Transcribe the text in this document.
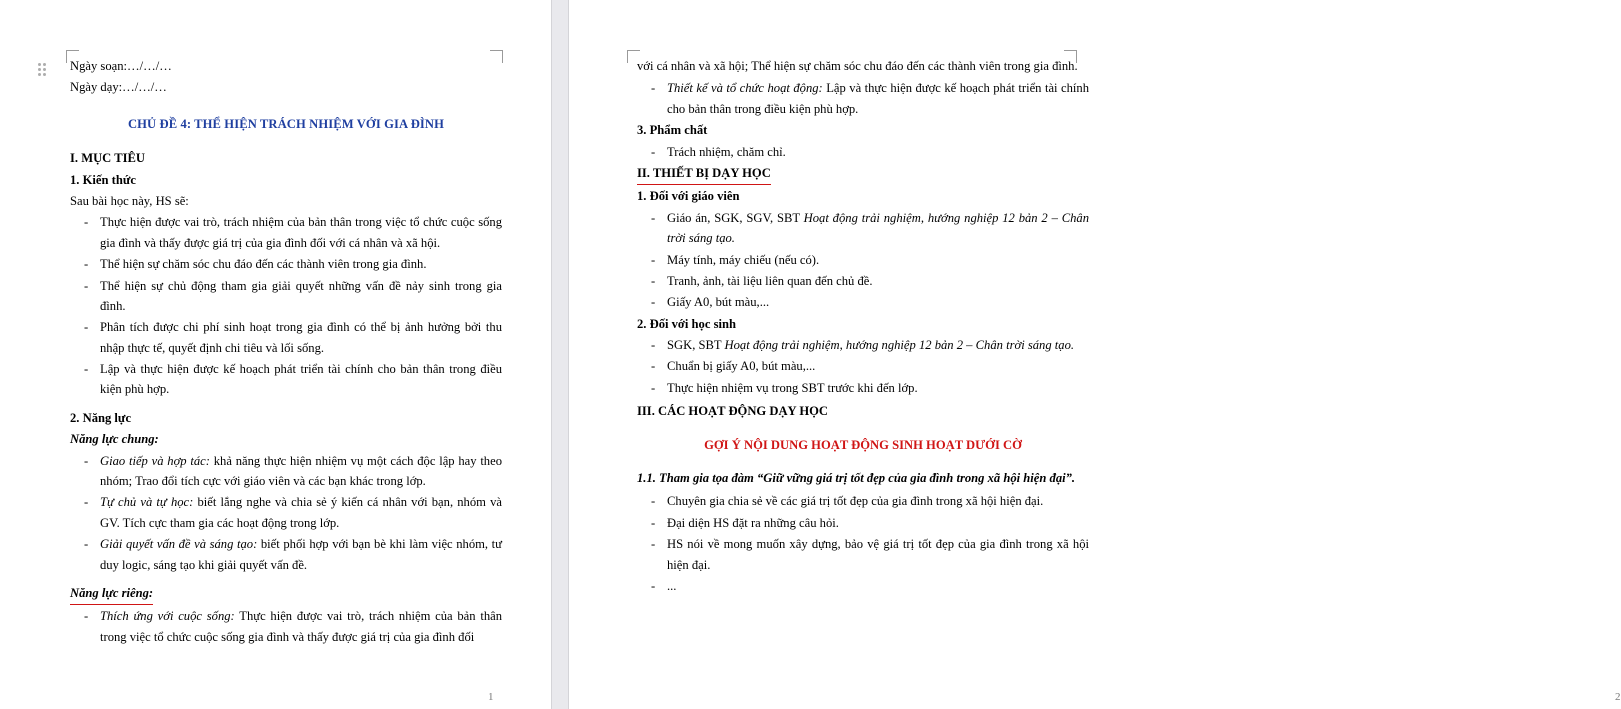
Ngày soạn:…/…/…

Ngày dạy:…/…/…

CHỦ ĐỀ 4: THỂ HIỆN TRÁCH NHIỆM VỚI GIA ĐÌNH

I. MỤC TIÊU

1. Kiến thức

Sau bài học này, HS sẽ:

- Thực hiện được vai trò, trách nhiệm của bản thân trong việc tổ chức cuộc sống gia đình và thấy được giá trị của gia đình đối với cá nhân và xã hội.
- Thể hiện sự chăm sóc chu đáo đến các thành viên trong gia đình.
- Thể hiện sự chủ động tham gia giải quyết những vấn đề nảy sinh trong gia đình.
- Phân tích được chi phí sinh hoạt trong gia đình có thể bị ảnh hưởng bởi thu nhập thực tế, quyết định chi tiêu và lối sống.
- Lập và thực hiện được kế hoạch phát triển tài chính cho bản thân trong điều kiện phù hợp.

2. Năng lực

Năng lực chung:

- Giao tiếp và hợp tác: khả năng thực hiện nhiệm vụ một cách độc lập hay theo nhóm; Trao đổi tích cực với giáo viên và các bạn khác trong lớp.
- Tự chủ và tự học: biết lắng nghe và chia sẻ ý kiến cá nhân với bạn, nhóm và GV. Tích cực tham gia các hoạt động trong lớp.
- Giải quyết vấn đề và sáng tạo: biết phối hợp với bạn bè khi làm việc nhóm, tư duy logic, sáng tạo khi giải quyết vấn đề.

Năng lực riêng:

- Thích ứng với cuộc sống: Thực hiện được vai trò, trách nhiệm của bản thân trong việc tổ chức cuộc sống gia đình và thấy được giá trị của gia đình đối
1

với cá nhân và xã hội; Thể hiện sự chăm sóc chu đáo đến các thành viên trong gia đình.

- Thiết kế và tổ chức hoạt động: Lập và thực hiện được kế hoạch phát triển tài chính cho bản thân trong điều kiện phù hợp.

3. Phẩm chất

- Trách nhiệm, chăm chỉ.

II. THIẾT BỊ DẠY HỌC

1. Đối với giáo viên

- Giáo án, SGK, SGV, SBT Hoạt động trải nghiệm, hướng nghiệp 12 bản 2 – Chân trời sáng tạo.
- Máy tính, máy chiếu (nếu có).
- Tranh, ảnh, tài liệu liên quan đến chủ đề.
- Giấy A0, bút màu,...

2. Đối với học sinh

- SGK, SBT Hoạt động trải nghiệm, hướng nghiệp 12 bản 2 – Chân trời sáng tạo.
- Chuẩn bị giấy A0, bút màu,...
- Thực hiện nhiệm vụ trong SBT trước khi đến lớp.

III. CÁC HOẠT ĐỘNG DẠY HỌC

GỢI Ý NỘI DUNG HOẠT ĐỘNG SINH HOẠT DƯỚI CỜ

1.1. Tham gia tọa đàm “Giữ vững giá trị tốt đẹp của gia đình trong xã hội hiện đại”.

- Chuyên gia chia sẻ về các giá trị tốt đẹp của gia đình trong xã hội hiện đại.
- Đại diện HS đặt ra những câu hỏi.
- HS nói về mong muốn xây dựng, bảo vệ giá trị tốt đẹp của gia đình trong xã hội hiện đại.
- ...
2
